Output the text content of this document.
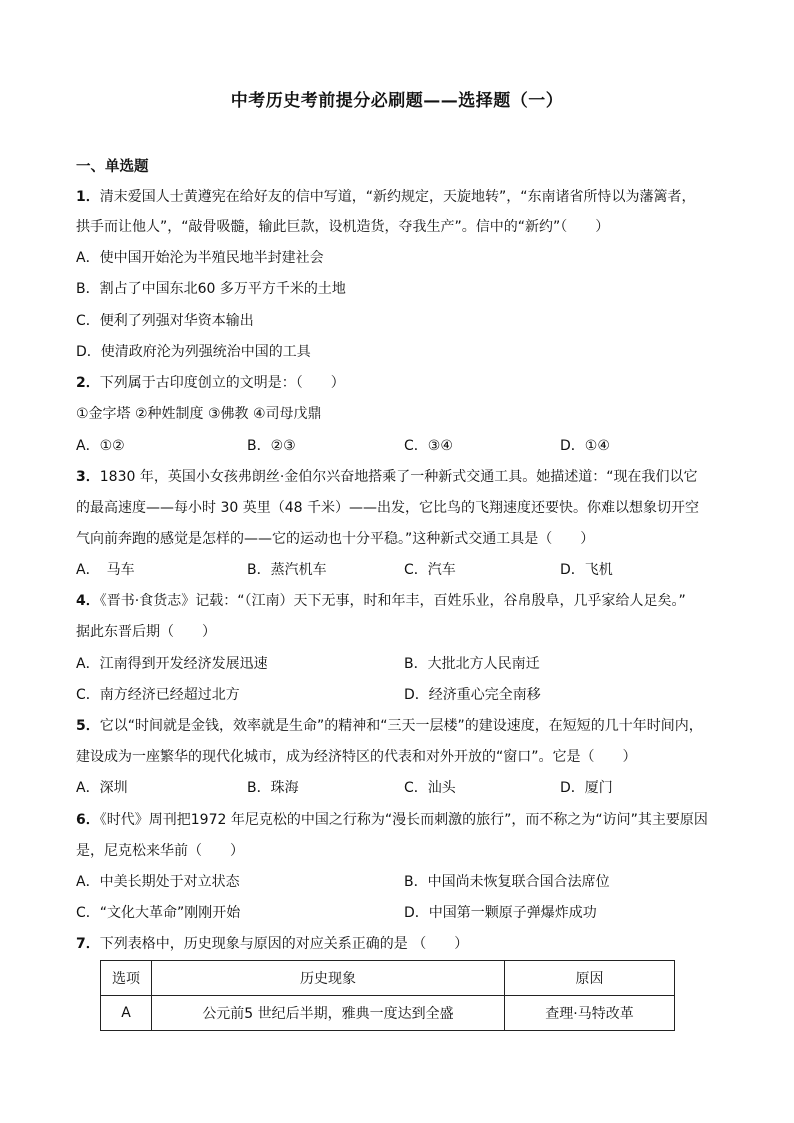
中考历史考前提分必刷题——选择题（一）
一、单选题
1．清末爱国人士黄遵宪在给好友的信中写道，“新约规定，天旋地转”，“东南诸省所恃以为藩篱者，
拱手而让他人”，“敲骨吸髓，输此巨款，设机造货，夺我生产”。信中的“新约”（　　）
A．使中国开始沦为半殖民地半封建社会
B．割占了中国东北60 多万平方千米的土地
C．便利了列强对华资本输出
D．使清政府沦为列强统治中国的工具
2．下列属于古印度创立的文明是：（　　）
①金字塔 ②种姓制度 ③佛教 ④司母戊鼎
A．①②	B．②③	C．③④	D．①④
3．1830 年，英国小女孩弗朗丝·金伯尔兴奋地搭乘了一种新式交通工具。她描述道：“现在我们以它
的最高速度——每小时 30 英里（48 千米）——出发，它比鸟的飞翔速度还要快。你难以想象切开空
气向前奔跑的感觉是怎样的——它的运动也十分平稳。”这种新式交通工具是（　　）
A．　马车	B．蒸汽机车	C．汽车	D．飞机
4．《晋书·食货志》记载：“（江南）天下无事，时和年丰，百姓乐业，谷帛殷阜，几乎家给人足矣。”
据此东晋后期（　　）
A．江南得到开发经济发展迅速	B．大批北方人民南迁
C．南方经济已经超过北方	D．经济重心完全南移
5．它以“时间就是金钱，效率就是生命”的精神和“三天一层楼”的建设速度，在短短的几十年时间内，
建设成为一座繁华的现代化城市，成为经济特区的代表和对外开放的“窗口”。它是（　　）
A．深圳	B．珠海	C．汕头	D．厦门
6．《时代》周刊把1972 年尼克松的中国之行称为“漫长而刺激的旅行”，而不称之为“访问”其主要原因
是，尼克松来华前（　　）
A．中美长期处于对立状态	B．中国尚未恢复联合国合法席位
C．“文化大革命”刚刚开始	D．中国第一颗原子弹爆炸成功
7．下列表格中，历史现象与原因的对应关系正确的是 （　　）
选项	历史现象	原因
A	公元前5 世纪后半期，雅典一度达到全盛	查理·马特改革
